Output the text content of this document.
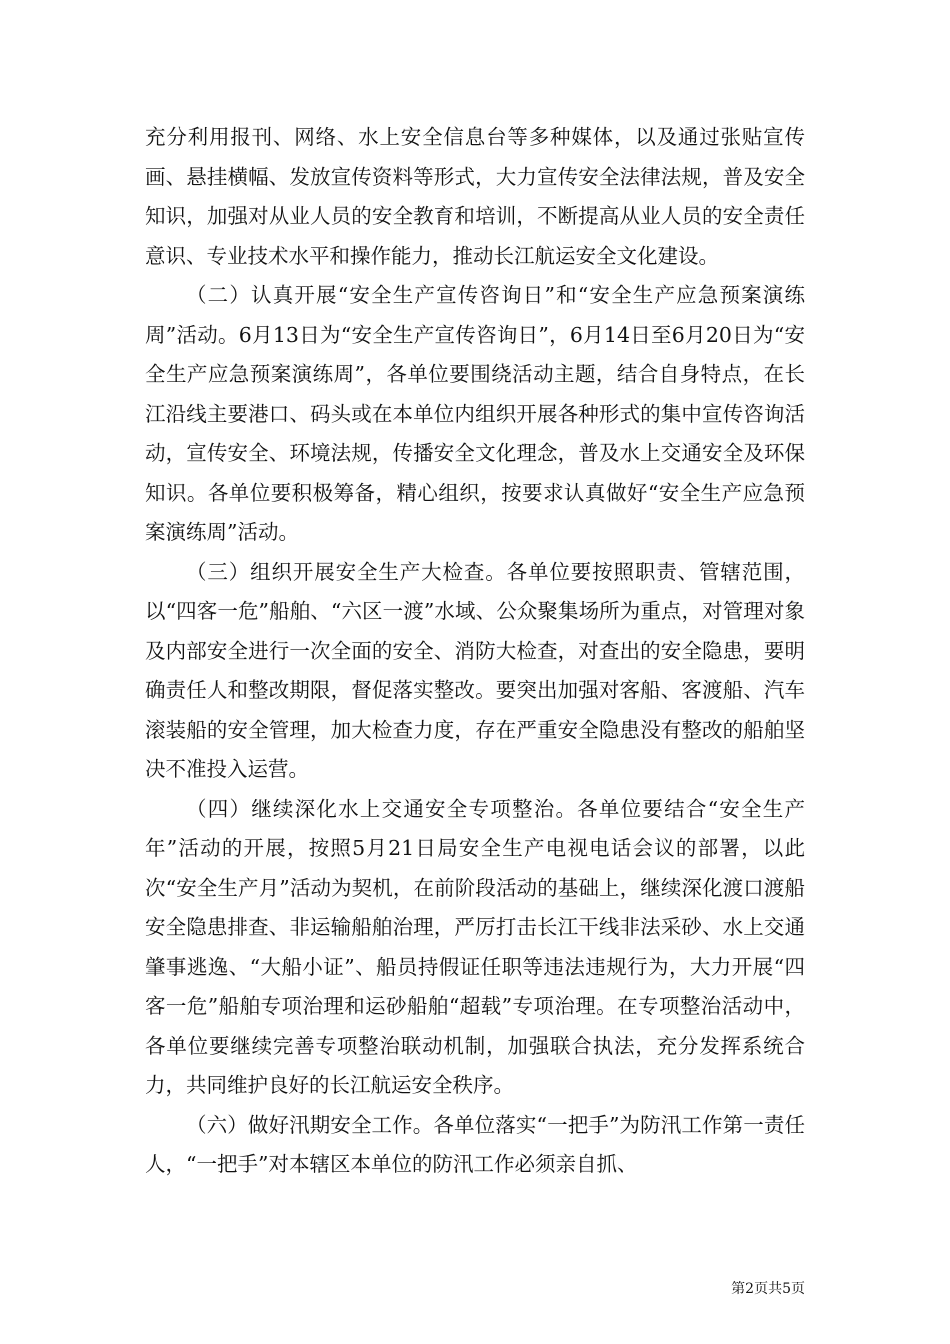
充分利用报刊、网络、水上安全信息台等多种媒体，以及通过张贴宣传画、悬挂横幅、发放宣传资料等形式，大力宣传安全法律法规，普及安全知识，加强对从业人员的安全教育和培训，不断提高从业人员的安全责任意识、专业技术水平和操作能力，推动长江航运安全文化建设。

（二）认真开展“安全生产宣传咨询日”和“安全生产应急预案演练周”活动。6月13日为“安全生产宣传咨询日”，6月14日至6月20日为“安全生产应急预案演练周”，各单位要围绕活动主题，结合自身特点，在长江沿线主要港口、码头或在本单位内组织开展各种形式的集中宣传咨询活动，宣传安全、环境法规，传播安全文化理念，普及水上交通安全及环保知识。各单位要积极筹备，精心组织，按要求认真做好“安全生产应急预案演练周”活动。

（三）组织开展安全生产大检查。各单位要按照职责、管辖范围，以“四客一危”船舶、“六区一渡”水域、公众聚集场所为重点，对管理对象及内部安全进行一次全面的安全、消防大检查，对查出的安全隐患，要明确责任人和整改期限，督促落实整改。要突出加强对客船、客渡船、汽车滚装船的安全管理，加大检查力度，存在严重安全隐患没有整改的船舶坚决不准投入运营。

（四）继续深化水上交通安全专项整治。各单位要结合“安全生产年”活动的开展，按照5月21日局安全生产电视电话会议的部署，以此次“安全生产月”活动为契机，在前阶段活动的基础上，继续深化渡口渡船安全隐患排查、非运输船舶治理，严厉打击长江干线非法采砂、水上交通肇事逃逸、“大船小证”、船员持假证任职等违法违规行为，大力开展“四客一危”船舶专项治理和运砂船舶“超载”专项治理。在专项整治活动中，各单位要继续完善专项整治联动机制，加强联合执法，充分发挥系统合力，共同维护良好的长江航运安全秩序。

（六）做好汛期安全工作。各单位落实“一把手”为防汛工作第一责任人，“一把手”对本辖区本单位的防汛工作必须亲自抓、

第2页共5页
